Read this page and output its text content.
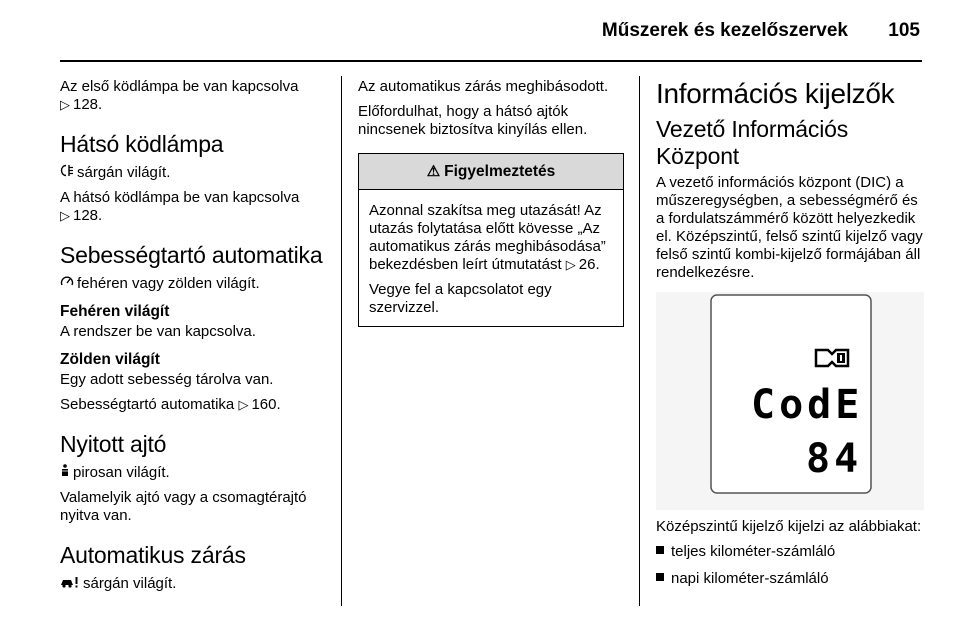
Műszerek és kezelőszervek 105

Az első ködlámpa be van kapcsolva
▷ 128.

Hátsó ködlámpa

sárgán világít.

A hátsó ködlámpa be van kapcsolva
▷ 128.

Sebességtartó automatika

fehéren vagy zölden világít.

Fehéren világít

A rendszer be van kapcsolva.

Zölden világít

Egy adott sebesség tárolva van.

Sebességtartó automatika ▷ 160.

Nyitott ajtó

pirosan világít.

Valamelyik ajtó vagy a csomagtérajtó nyitva van.

Automatikus zárás

sárgán világít.

Az automatikus zárás meghibásodott.

Előfordulhat, hogy a hátsó ajtók nincsenek biztosítva kinyílás ellen.

⚠ Figyelmeztetés

Azonnal szakítsa meg utazását! Az utazás folytatása előtt kövesse „Az automatikus zárás meghibásodása” bekezdésben leírt útmutatást ▷ 26.

Vegye fel a kapcsolatot egy szervizzel.

Információs kijelzők
Vezető Információs Központ

A vezető információs központ (DIC) a műszeregységben, a sebességmérő és a fordulatszámmérő között helyezkedik el. Középszintű, felső szintű kijelző vagy felső szintű kombi-kijelző formájában áll rendelkezésre.

CodE
84

Középszintű kijelző kijelzi az alábbiakat:

teljes kilométer-számláló
napi kilométer-számláló
